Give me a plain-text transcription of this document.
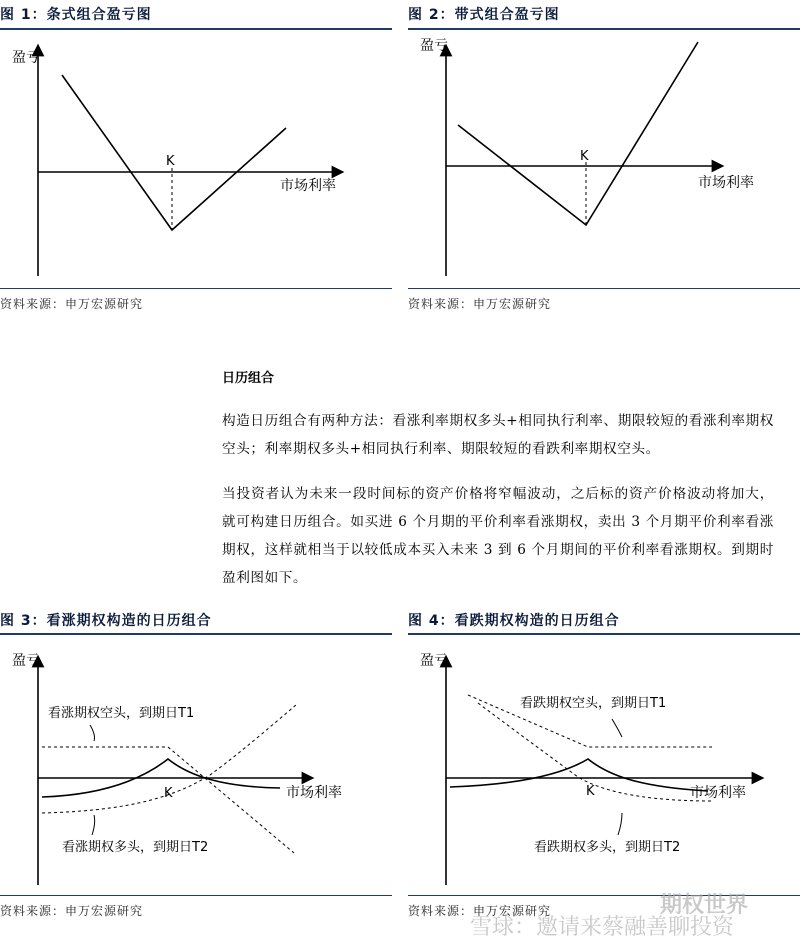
图 1：条式组合盈亏图
盈亏
K
市场利率
资料来源：申万宏源研究
图 2：带式组合盈亏图
盈亏
K
市场利率
资料来源：申万宏源研究
日历组合
构造日历组合有两种方法：看涨利率期权多头+相同执行利率、期限较短的看涨利率期权空头；利率期权多头+相同执行利率、期限较短的看跌利率期权空头。
当投资者认为未来一段时间标的资产价格将窄幅波动，之后标的资产价格波动将加大，就可构建日历组合。如买进 6 个月期的平价利率看涨期权，卖出 3 个月期平价利率看涨期权，这样就相当于以较低成本买入未来 3 到 6 个月期间的平价利率看涨期权。到期时盈利图如下。
图 3：看涨期权构造的日历组合
盈亏
K	市场利率
看涨期权空头，到期日T1
看涨期权多头，到期日T2
资料来源：申万宏源研究
图 4：看跌期权构造的日历组合
盈亏
K	市场利率
看跌期权空头，到期日T1
看跌期权多头，到期日T2
资料来源：申万宏源研究	期权世界
雪球：邀请来蔡融善聊投资
